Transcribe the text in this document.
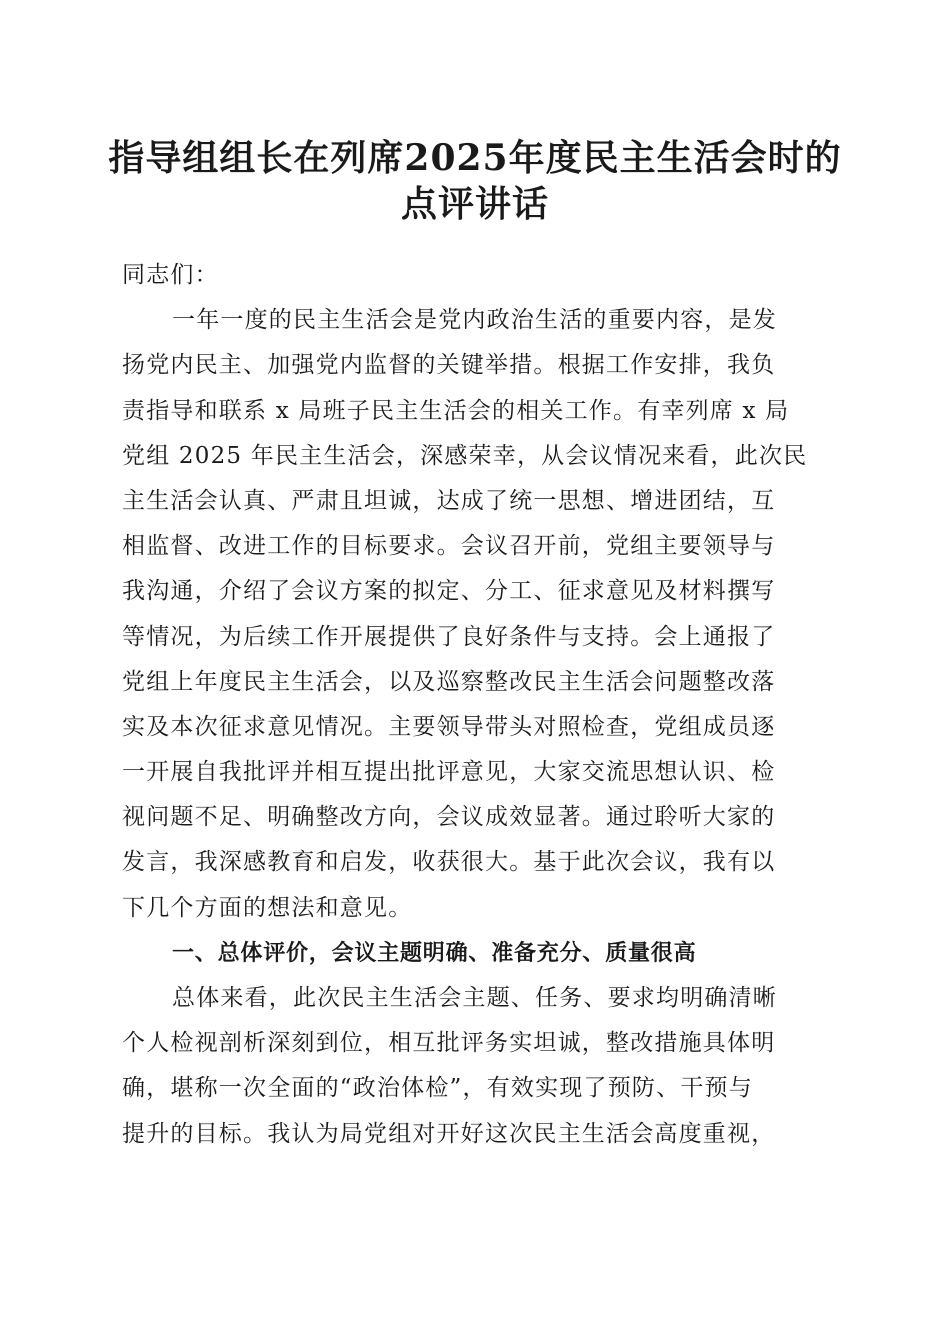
指导组组长在列席2025年度民主生活会时的
点评讲话
同志们：
一年一度的民主生活会是党内政治生活的重要内容，是发
扬党内民主、加强党内监督的关键举措。根据工作安排，我负
责指导和联系 x 局班子民主生活会的相关工作。有幸列席 x 局
党组 2025 年民主生活会，深感荣幸，从会议情况来看，此次民
主生活会认真、严肃且坦诚，达成了统一思想、增进团结，互
相监督、改进工作的目标要求。会议召开前，党组主要领导与
我沟通，介绍了会议方案的拟定、分工、征求意见及材料撰写
等情况，为后续工作开展提供了良好条件与支持。会上通报了
党组上年度民主生活会，以及巡察整改民主生活会问题整改落
实及本次征求意见情况。主要领导带头对照检查，党组成员逐
一开展自我批评并相互提出批评意见，大家交流思想认识、检
视问题不足、明确整改方向，会议成效显著。通过聆听大家的
发言，我深感教育和启发，收获很大。基于此次会议，我有以
下几个方面的想法和意见。
一、总体评价，会议主题明确、准备充分、质量很高
总体来看，此次民主生活会主题、任务、要求均明确清晰
个人检视剖析深刻到位，相互批评务实坦诚，整改措施具体明
确，堪称一次全面的“政治体检”，有效实现了预防、干预与
提升的目标。我认为局党组对开好这次民主生活会高度重视，
